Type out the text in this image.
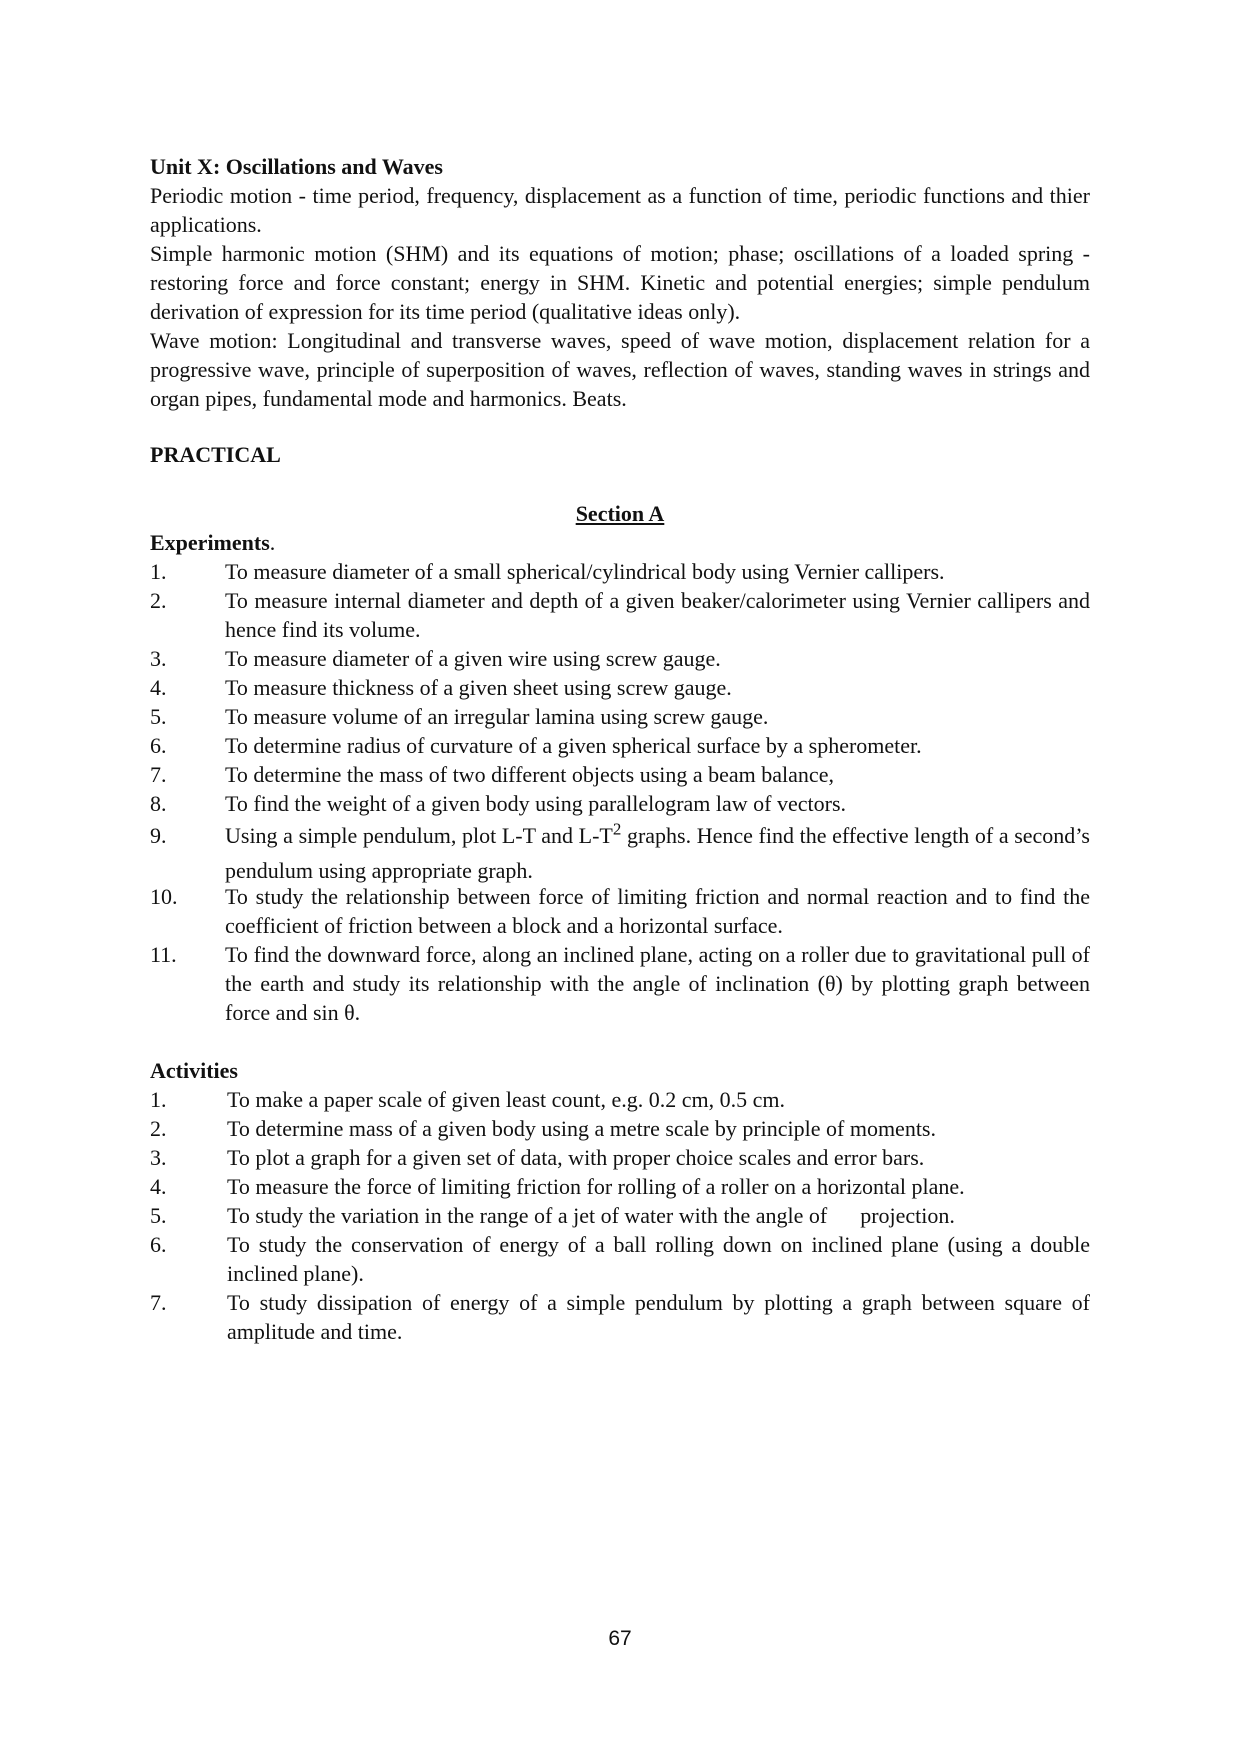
Unit X: Oscillations and Waves

Periodic motion - time period, frequency, displacement as a function of time, periodic functions and thier applications.

Simple harmonic motion (SHM) and its equations of motion; phase; oscillations of a loaded spring - restoring force and force constant; energy in SHM. Kinetic and potential energies; simple pendulum derivation of expression for its time period (qualitative ideas only).

Wave motion: Longitudinal and transverse waves, speed of wave motion, displacement relation for a progressive wave, principle of superposition of waves, reflection of waves, standing waves in strings and organ pipes, fundamental mode and harmonics. Beats.

PRACTICAL
Section A
Experiments.
1.	To measure diameter of a small spherical/cylindrical body using Vernier callipers.
2.	To measure internal diameter and depth of a given beaker/calorimeter using Vernier callipers and hence find its volume.
3.	To measure diameter of a given wire using screw gauge.
4.	To measure thickness of a given sheet using screw gauge.
5.	To measure volume of an irregular lamina using screw gauge.
6.	To determine radius of curvature of a given spherical surface by a spherometer.
7.	To determine the mass of two different objects using a beam balance,
8.	To find the weight of a given body using parallelogram law of vectors.
9.	Using a simple pendulum, plot L-T and $L-T^2$ graphs. Hence find the effective length of a second’s pendulum using appropriate graph.
10. To study the relationship between force of limiting friction and normal reaction and to find the coefficient of friction between a block and a horizontal surface.
11. To find the downward force, along an inclined plane, acting on a roller due to gravitational pull of the earth and study its relationship with the angle of inclination (θ) by plotting graph between force and sin θ.
Activities
1.	To make a paper scale of given least count, e.g. 0.2 cm, 0.5 cm.
2.	To determine mass of a given body using a metre scale by principle of moments.
3.	To plot a graph for a given set of data, with proper choice scales and error bars.
4.	To measure the force of limiting friction for rolling of a roller on a horizontal plane.
5.	To study the variation in the range of a jet of water with the angle of      projection.
6.	To study the conservation of energy of a ball rolling down on inclined plane (using a double inclined plane).
7.	To study dissipation of energy of a simple pendulum by plotting a graph between square of amplitude and time.
67
